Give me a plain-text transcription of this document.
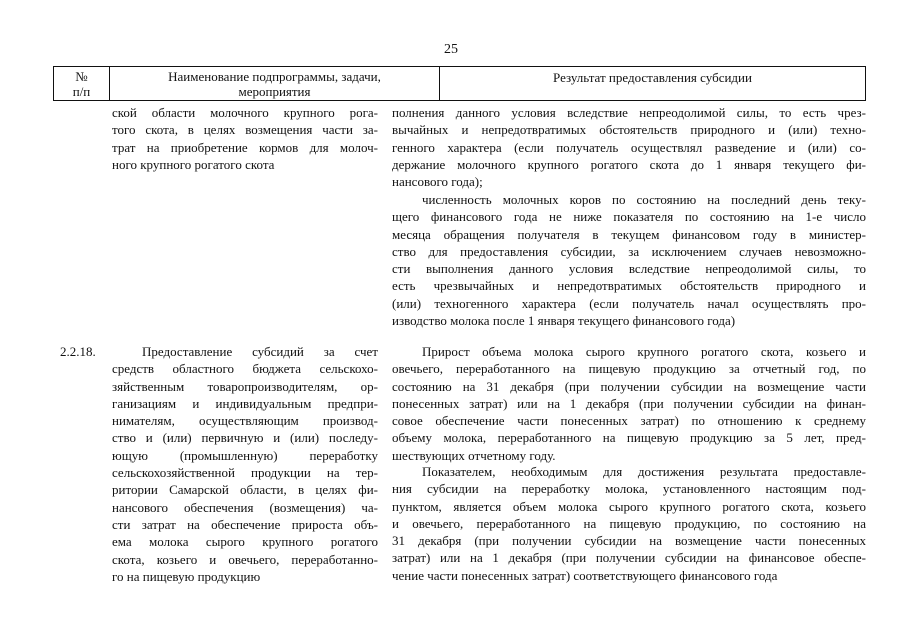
25
№
п/п
Наименование подпрограммы, задачи,
мероприятия
Результат предоставления субсидии
ской области молочного крупного рога-
того скота, в целях возмещения части за-
трат на приобретение кормов для молоч-
ного крупного рогатого скота
полнения данного условия вследствие непреодолимой силы, то есть чрез-
вычайных и непредотвратимых обстоятельств природного и (или) техно-
генного характера (если получатель осуществлял разведение и (или) со-
держание молочного крупного рогатого скота до 1 января текущего фи-
нансового года);
численность молочных коров по состоянию на последний день теку-
щего финансового года не ниже показателя по состоянию на 1-е число
месяца обращения получателя в текущем финансовом году в министер-
ство для предоставления субсидии, за исключением случаев невозможно-
сти выполнения данного условия вследствие непреодолимой силы, то
есть чрезвычайных и непредотвратимых обстоятельств природного и
(или) техногенного характера (если получатель начал осуществлять про-
изводство молока после 1 января текущего финансового года)
2.2.18.	Предоставление субсидий за счет
средств областного бюджета сельскохо-
зяйственным товаропроизводителям, ор-
ганизациям и индивидуальным предпри-
нимателям, осуществляющим производ-
ство и (или) первичную и (или) последу-
ющую (промышленную) переработку
сельскохозяйственной продукции на тер-
ритории Самарской области, в целях фи-
нансового обеспечения (возмещения) ча-
сти затрат на обеспечение прироста объ-
ема молока сырого крупного рогатого
скота, козьего и овечьего, переработанно-
го на пищевую продукцию
Прирост объема молока сырого крупного рогатого скота, козьего и
овечьего, переработанного на пищевую продукцию за отчетный год, по
состоянию на 31 декабря (при получении субсидии на возмещение части
понесенных затрат) или на 1 декабря (при получении субсидии на финан-
совое обеспечение части понесенных затрат) по отношению к среднему
объему молока, переработанного на пищевую продукцию за 5 лет, пред-
шествующих отчетному году.
Показателем, необходимым для достижения результата предоставле-
ния субсидии на переработку молока, установленного настоящим под-
пунктом, является объем молока сырого крупного рогатого скота, козьего
и овечьего, переработанного на пищевую продукцию, по состоянию на
31 декабря (при получении субсидии на возмещение части понесенных
затрат) или на 1 декабря (при получении субсидии на финансовое обеспе-
чение части понесенных затрат) соответствующего финансового года
